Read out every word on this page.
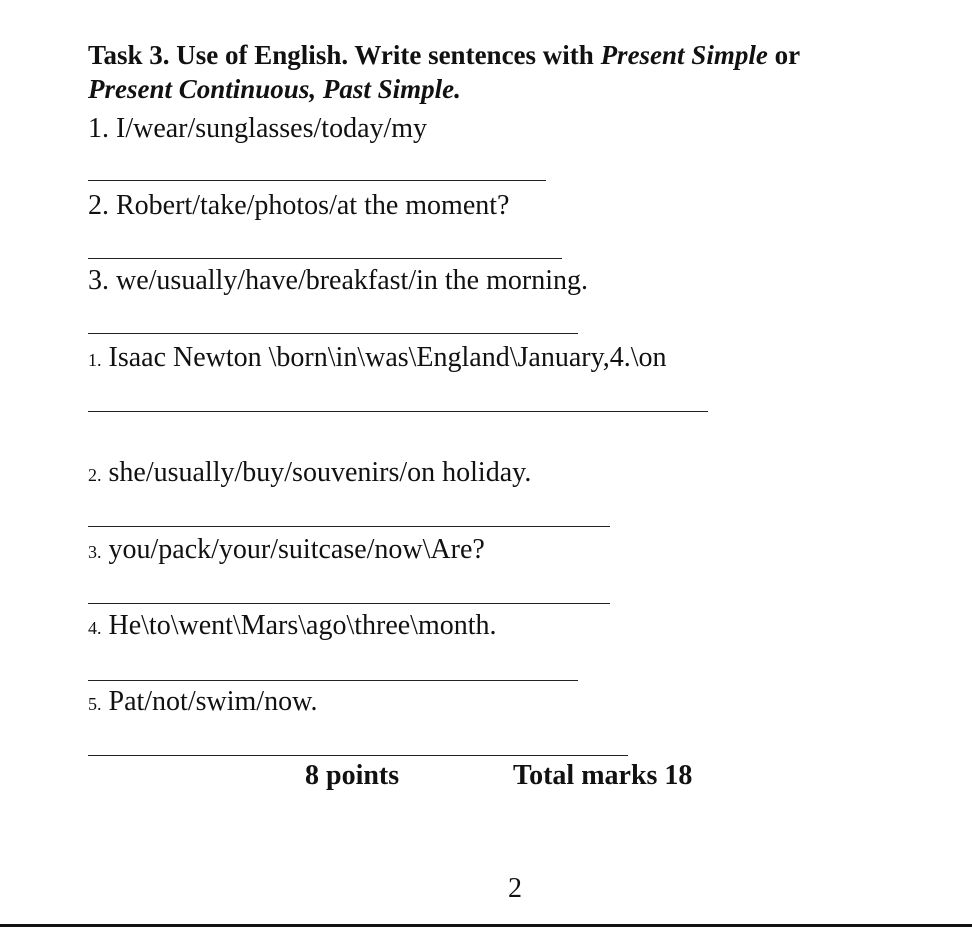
Task 3. Use of English. Write sentences with Present Simple or
Present Continuous, Past Simple.
1. I/wear/sunglasses/today/my
2. Robert/take/photos/at the moment?
3. we/usually/have/breakfast/in the morning.
1. Isaac Newton \born\in\was\England\January,4.\on
2. she/usually/buy/souvenirs/on holiday.
3. you/pack/your/suitcase/now\Are?
4. He\to\went\Mars\ago\three\month.
5. Pat/not/swim/now.
8 points	Total marks 18
2
